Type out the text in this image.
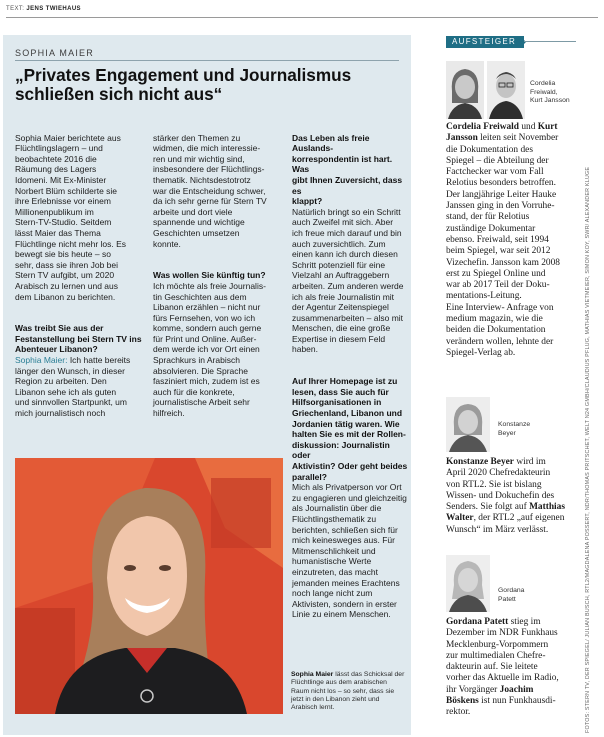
TEXT: JENS TWIEHAUS
SOPHIA MAIER
„Privates Engagement und Journalismus schließen sich nicht aus“

Sophia Maier berichtete aus
Flüchtlingslagern – und
beobachtete 2016 die
Räumung des Lagers
Idomeni. Mit Ex-Minister
Norbert Blüm schilderte sie
ihre Erlebnisse vor einem
Millionenpublikum im
Stern-TV-Studio. Seitdem
lässt Maier das Thema
Flüchtlinge nicht mehr los. Es
bewegt sie bis heute – so
sehr, dass sie ihren Job bei
Stern TV aufgibt, um 2020
Arabisch zu lernen und aus
dem Libanon zu berichten.

Was treibt Sie aus der
Festanstellung bei Stern TV ins
Abenteuer Libanon?
Sophia Maier: Ich hatte bereits
länger den Wunsch, in dieser
Region zu arbeiten. Den
Libanon sehe ich als guten
und sinnvollen Startpunkt, um
mich journalistisch noch

stärker den Themen zu
widmen, die mich interessie-
ren und mir wichtig sind,
insbesondere der Flüchtlings-
thematik. Nichtsdestotrotz
war die Entscheidung schwer,
da ich sehr gerne für Stern TV
arbeite und dort viele
spannende und wichtige
Geschichten umsetzen
konnte.

Was wollen Sie künftig tun?
Ich möchte als freie Journalis-
tin Geschichten aus dem
Libanon erzählen – nicht nur
fürs Fernsehen, von wo ich
komme, sondern auch gerne
für Print und Online. Außer-
dem werde ich vor Ort einen
Sprachkurs in Arabisch
absolvieren. Die Sprache
fasziniert mich, zudem ist es
auch für die konkrete,
journalistische Arbeit sehr
hilfreich.

Das Leben als freie Auslands-
korrespondentin ist hart. Was
gibt Ihnen Zuversicht, dass es
klappt?
Natürlich bringt so ein Schritt
auch Zweifel mit sich. Aber
ich freue mich darauf und bin
auch zuversichtlich. Zum
einen kann ich durch diesen
Schritt potenziell für eine
Vielzahl an Auftraggebern
arbeiten. Zum anderen werde
ich als freie Journalistin mit
der Agentur Zeitenspiegel
zusammenarbeiten – also mit
Menschen, die eine große
Expertise in diesem Feld
haben.

Auf Ihrer Homepage ist zu
lesen, dass Sie auch für
Hilfsorganisationen in
Griechenland, Libanon und
Jordanien tätig waren. Wie
halten Sie es mit der Rollen-
diskussion: Journalistin oder
Aktivistin? Oder geht beides
parallel?
Mich als Privatperson vor Ort
zu engagieren und gleichzeitig
als Journalistin über die
Flüchtlingsthematik zu
berichten, schließen sich für
mich keinesweges aus. Für
Mitmenschlichkeit und
humanistische Werte
einzutreten, das macht
jemanden meines Erachtens
noch lange nicht zum
Aktivisten, sondern in erster
Linie zu einem Menschen.

Sophia Maier lässt das Schicksal der
Flüchtlinge aus dem arabischen
Raum nicht los – so sehr, dass sie
jetzt in den Libanon zieht und
Arabisch lernt.
AUFSTEIGER
Cordelia
Freiwald,
Kurt Jansson
Cordelia Freiwald und Kurt
Jansson leiten seit November
die Dokumentation des
Spiegel – die Abteilung der
Factchecker war vom Fall
Relotius besonders betroffen.
Der langjährige Leiter Hauke
Janssen ging in den Vorruhe-
stand, der für Relotius
zuständige Dokumentar
ebenso. Freiwald, seit 1994
beim Spiegel, war seit 2012
Vizechefin. Jansson kam 2008
erst zu Spiegel Online und
war ab 2017 Teil der Doku-
mentations-Leitung.
Eine Interview- Anfrage von
medium magazin, wie die
beiden die Dokumentation
verändern wollen, lehnte der
Spiegel-Verlag ab.
Konstanze
Beyer
Konstanze Beyer wird im
April 2020 Chefredakteurin
von RTL2. Sie ist bislang
Wissen- und Dokuchefin des
Senders. Sie folgt auf Matthias
Walter, der RTL2 „auf eigenen
Wunsch“ im März verlässt.
Gordana
Patett
Gordana Patett stieg im
Dezember im NDR Funkhaus
Mecklenburg-Vorpommern
zur multimedialen Chefre-
dakteurin auf. Sie leitete
vorher das Aktuelle im Radio,
ihr Vorgänger Joachim
Böskens ist nun Funkhausdi-
rektor.	FOTOS: STERN TV, DER SPIEGEL/ JULIAN BUSCH, RTL2/MAGDALENA POSSERT, NDR/THOMAS PRITSCHET, WELT N24 GMBH/CLAUDIUS PFLUG, MATHIAS VIETMEIER, SIMON KOY, SWR/ ALEXANDER KLUGE
